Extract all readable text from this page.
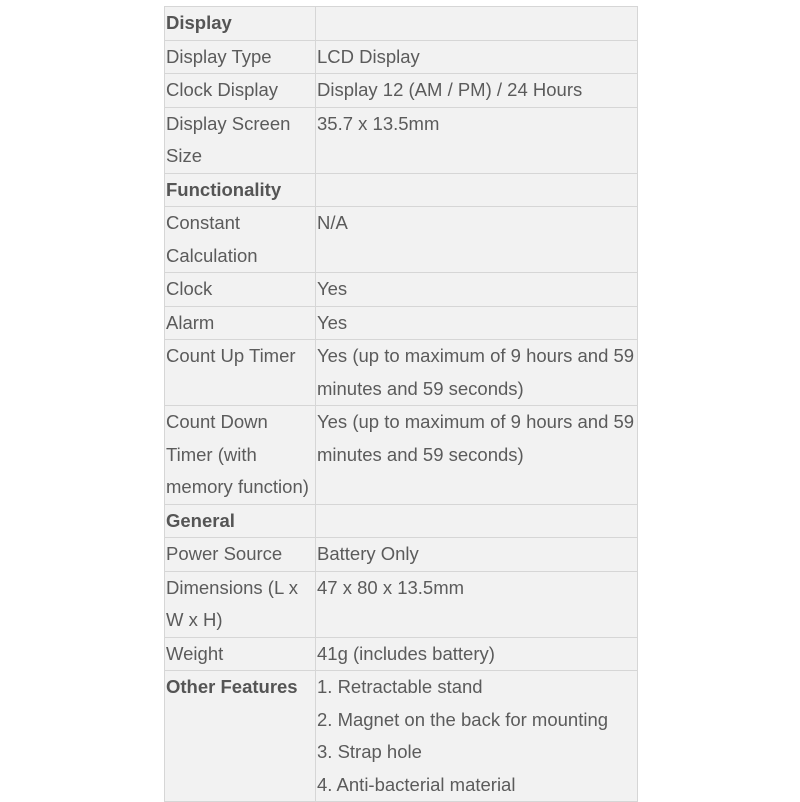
Display	
Display Type	LCD Display
Clock Display	Display 12 (AM / PM) / 24 Hours
Display Screen Size	35.7 x 13.5mm
Functionality	
Constant Calculation	N/A
Clock	Yes
Alarm	Yes
Count Up Timer	Yes (up to maximum of 9 hours and 59 minutes and 59 seconds)
Count Down Timer (with memory function)	Yes (up to maximum of 9 hours and 59 minutes and 59 seconds)
General	
Power Source	Battery Only
Dimensions (L x W x H)	47 x 80 x 13.5mm
Weight	41g (includes battery)
Other Features	1. Retractable stand
2. Magnet on the back for mounting
3. Strap hole
4. Anti-bacterial material
